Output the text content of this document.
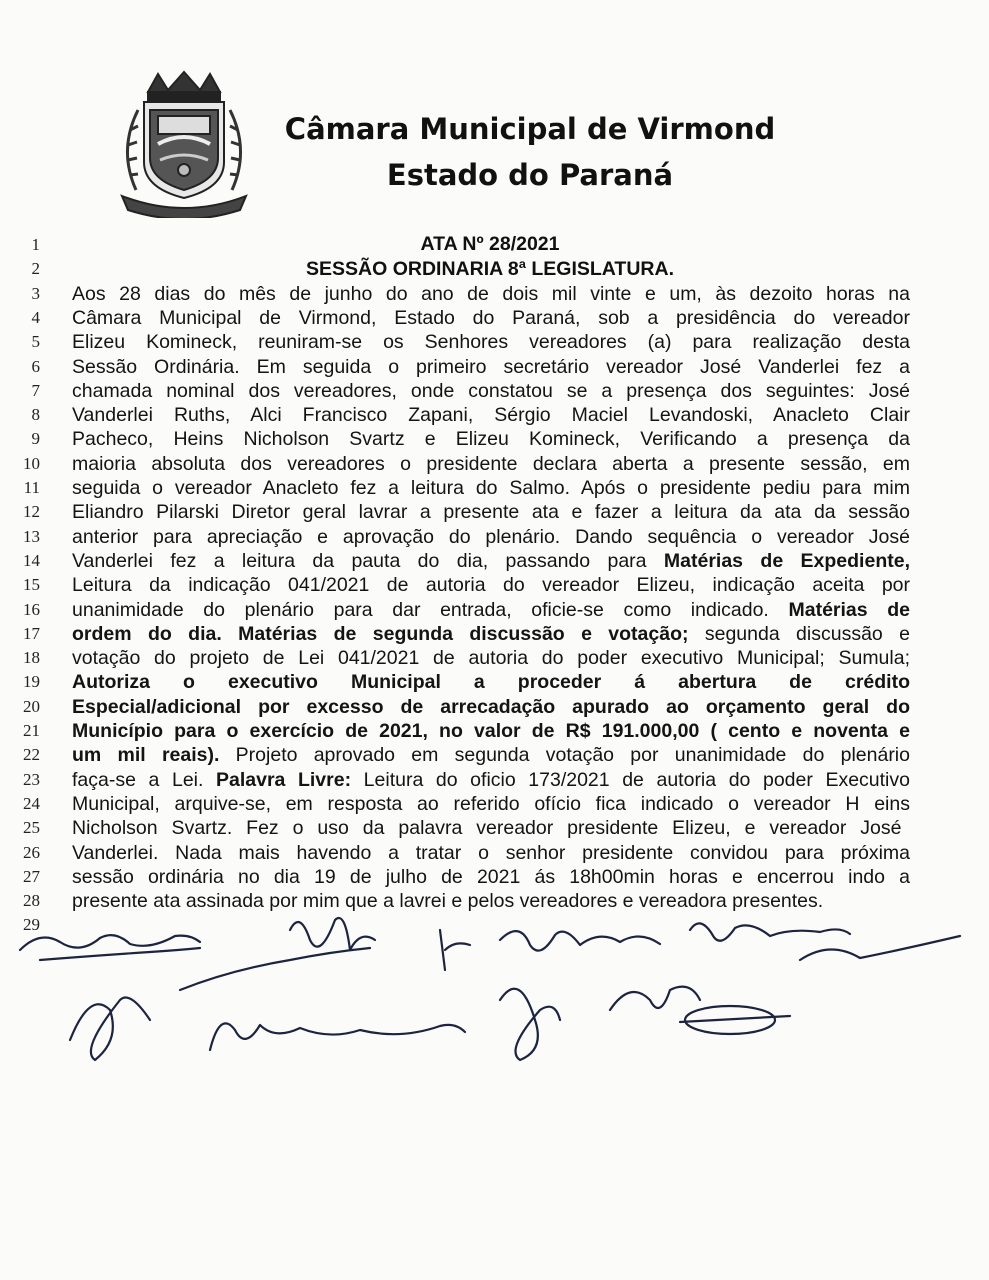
Câmara Municipal de Virmond
Estado do Paraná
ATA Nº 28/2021
SESSÃO ORDINARIA 8ª LEGISLATURA.
1
2
3 Aos 28 dias do mês de junho do ano de dois mil vinte e um, às dezoito horas na
4 Câmara Municipal de Virmond, Estado do Paraná, sob a presidência do vereador
5 Elizeu Komineck, reuniram-se os Senhores vereadores (a) para realização desta
6 Sessão Ordinária. Em seguida o primeiro secretário vereador José Vanderlei fez a
7 chamada nominal dos vereadores, onde constatou se a presença dos seguintes: José
8 Vanderlei Ruths, Alci Francisco Zapani, Sérgio Maciel Levandoski, Anacleto Clair
9 Pacheco, Heins Nicholson Svartz e Elizeu Komineck, Verificando a presença da
10 maioria absoluta dos vereadores o presidente declara aberta a presente sessão, em
11 seguida o vereador Anacleto fez a leitura do Salmo. Após o presidente pediu para mim
12 Eliandro Pilarski Diretor geral lavrar a presente ata e fazer a leitura da ata da sessão
13 anterior para apreciação e aprovação do plenário. Dando sequência o vereador José
14 Vanderlei fez a leitura da pauta do dia, passando para Matérias de Expediente,
15 Leitura da indicação 041/2021 de autoria do vereador Elizeu, indicação aceita por
16 unanimidade do plenário para dar entrada, oficie-se como indicado. Matérias de
17 ordem do dia. Matérias de segunda discussão e votação; segunda discussão e
18 votação do projeto de Lei 041/2021 de autoria do poder executivo Municipal; Sumula;
19 Autoriza o executivo Municipal a proceder á abertura de crédito
20 Especial/adicional por excesso de arrecadação apurado ao orçamento geral do
21 Município para o exercício de 2021, no valor de R$ 191.000,00 ( cento e noventa e
22 um mil reais). Projeto aprovado em segunda votação por unanimidade do plenário
23 faça-se a Lei. Palavra Livre: Leitura do oficio 173/2021 de autoria do poder Executivo
24 Municipal, arquive-se, em resposta ao referido ofício fica indicado o vereador H eins
25 Nicholson Svartz. Fez o uso da palavra vereador presidente Elizeu, e vereador José
26 Vanderlei. Nada mais havendo a tratar o senhor presidente convidou para próxima
27 sessão ordinária no dia 19 de julho de 2021 ás 18h00min horas e encerrou indo a
28 presente ata assinada por mim que a lavrei e pelos vereadores e vereadora presentes.
29
